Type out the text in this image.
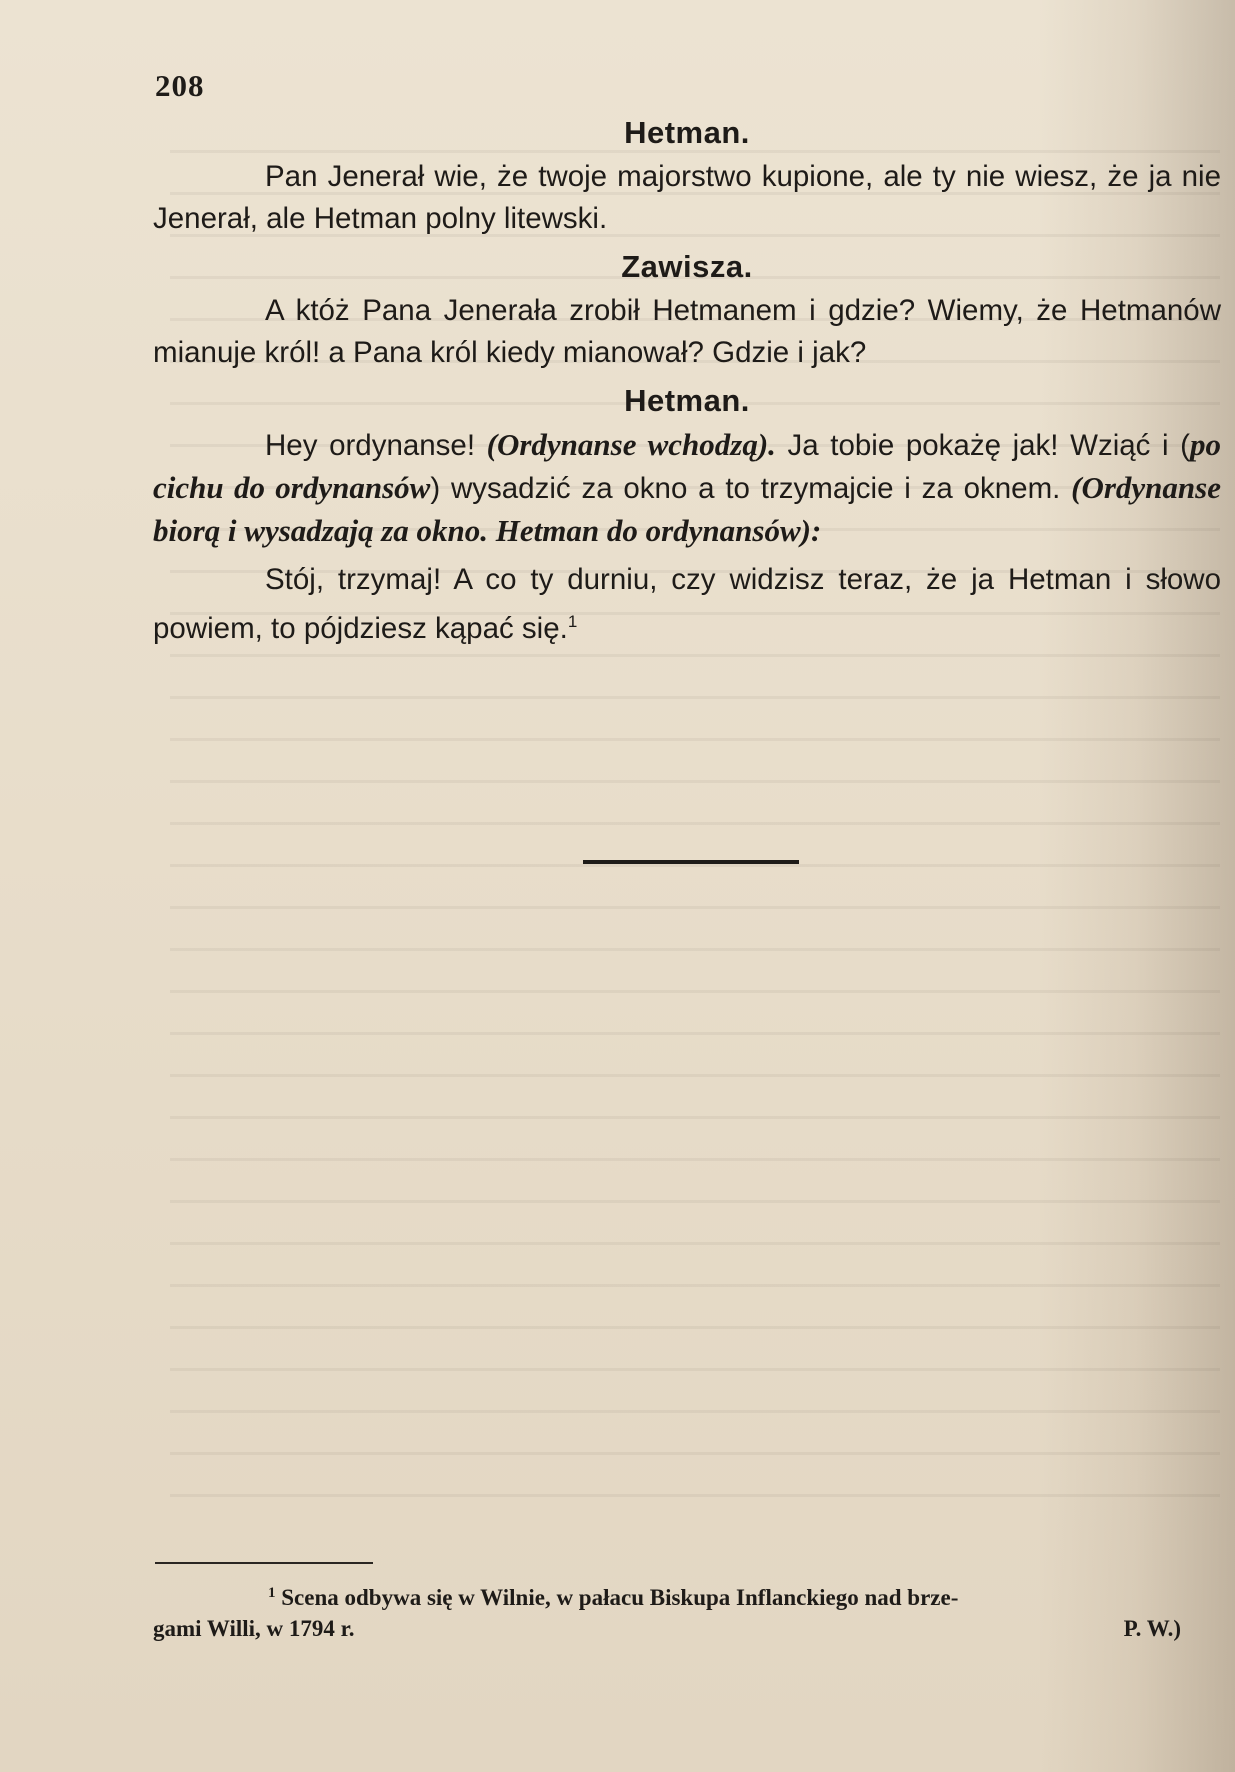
208
Hetman.

Pan Jenerał wie, że twoje majorstwo kupione, ale ty nie wiesz, że ja nie Jenerał, ale Hetman polny litewski.

Zawisza.

A któż Pana Jenerała zrobił Hetmanem i gdzie? Wiemy, że Hetmanów mianuje król! a Pana król kiedy mianował? Gdzie i jak?

Hetman.

Hey ordynanse! (Ordynanse wchodzą). Ja tobie pokażę jak! Wziąć i (po cichu do ordynansów) wysadzić za okno a to trzymajcie i za oknem. (Ordynanse biorą i wysadzają za okno. Hetman do ordynansów):

Stój, trzymaj! A co ty durniu, czy widzisz teraz, że ja Hetman i słowo powiem, to pójdziesz kąpać się.$^1$

$^1$ Scena odbywa się w Wilnie, w pałacu Biskupa Inflanckiego nad brze-
gami Willi, w 1794 r.	P. W.)
